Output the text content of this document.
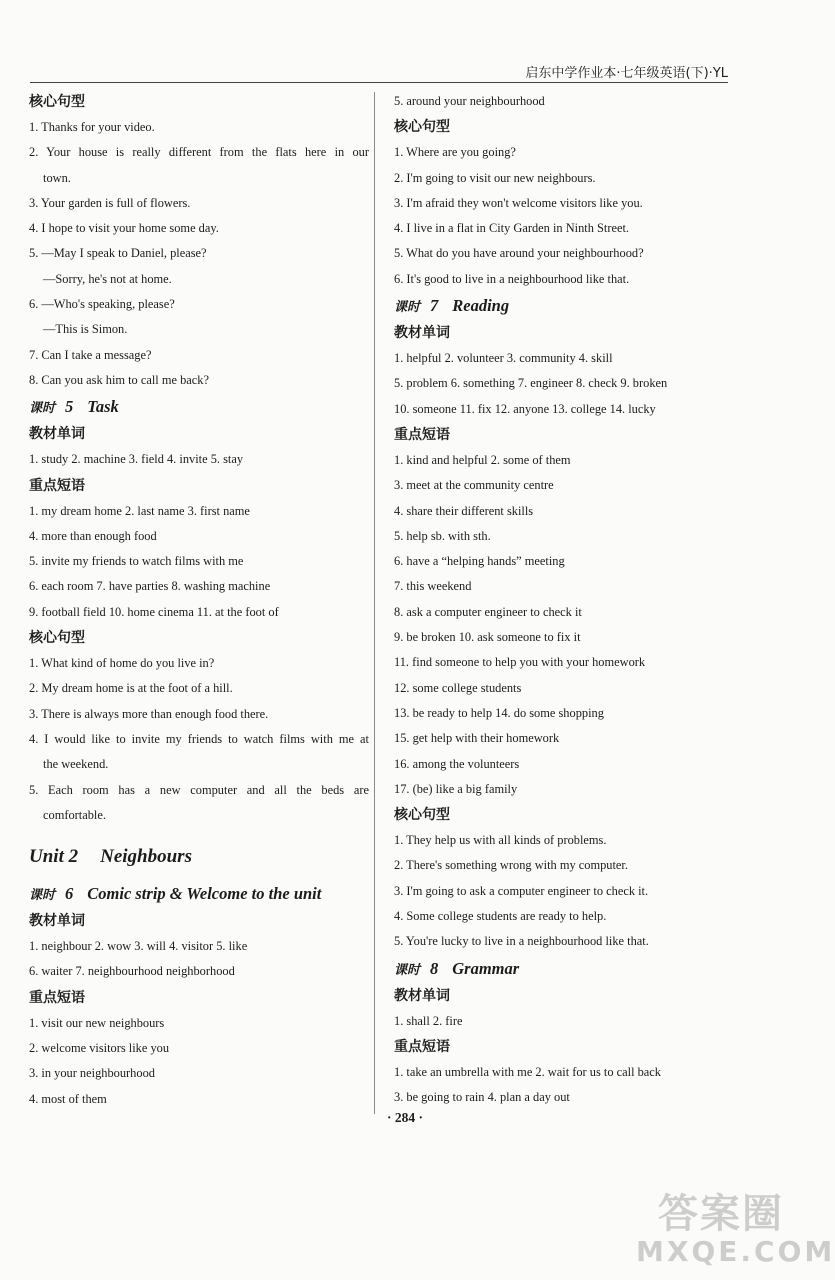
启东中学作业本·七年级英语(下)·YL
核心句型
1. Thanks for your video.
2. Your house is really different from the flats here in our
town.
3. Your garden is full of flowers.
4. I hope to visit your home some day.
5. —May I speak to Daniel, please?
—Sorry, he's not at home.
6. —Who's speaking, please?
—This is Simon.
7. Can I take a message?
8. Can you ask him to call me back?
课时 5 Task
教材单词
1. study 2. machine 3. field 4. invite 5. stay
重点短语
1. my dream home 2. last name 3. first name
4. more than enough food
5. invite my friends to watch films with me
6. each room 7. have parties 8. washing machine
9. football field 10. home cinema 11. at the foot of
核心句型
1. What kind of home do you live in?
2. My dream home is at the foot of a hill.
3. There is always more than enough food there.
4. I would like to invite my friends to watch films with me at
the weekend.
5. Each room has a new computer and all the beds are
comfortable.
Unit 2 Neighbours
课时 6 Comic strip & Welcome to the unit
教材单词
1. neighbour 2. wow 3. will 4. visitor 5. like
6. waiter 7. neighbourhood neighborhood
重点短语
1. visit our new neighbours
2. welcome visitors like you
3. in your neighbourhood
4. most of them
5. around your neighbourhood
核心句型
1. Where are you going?
2. I'm going to visit our new neighbours.
3. I'm afraid they won't welcome visitors like you.
4. I live in a flat in City Garden in Ninth Street.
5. What do you have around your neighbourhood?
6. It's good to live in a neighbourhood like that.
课时 7 Reading
教材单词
1. helpful 2. volunteer 3. community 4. skill
5. problem 6. something 7. engineer 8. check 9. broken
10. someone 11. fix 12. anyone 13. college 14. lucky
重点短语
1. kind and helpful 2. some of them
3. meet at the community centre
4. share their different skills
5. help sb. with sth.
6. have a “helping hands” meeting
7. this weekend
8. ask a computer engineer to check it
9. be broken 10. ask someone to fix it
11. find someone to help you with your homework
12. some college students
13. be ready to help 14. do some shopping
15. get help with their homework
16. among the volunteers
17. (be) like a big family
核心句型
1. They help us with all kinds of problems.
2. There's something wrong with my computer.
3. I'm going to ask a computer engineer to check it.
4. Some college students are ready to help.
5. You're lucky to live in a neighbourhood like that.
课时 8 Grammar
教材单词
1. shall 2. fire
重点短语
1. take an umbrella with me 2. wait for us to call back
3. be going to rain 4. plan a day out
· 284 ·
答案圈
MXQE.COM
